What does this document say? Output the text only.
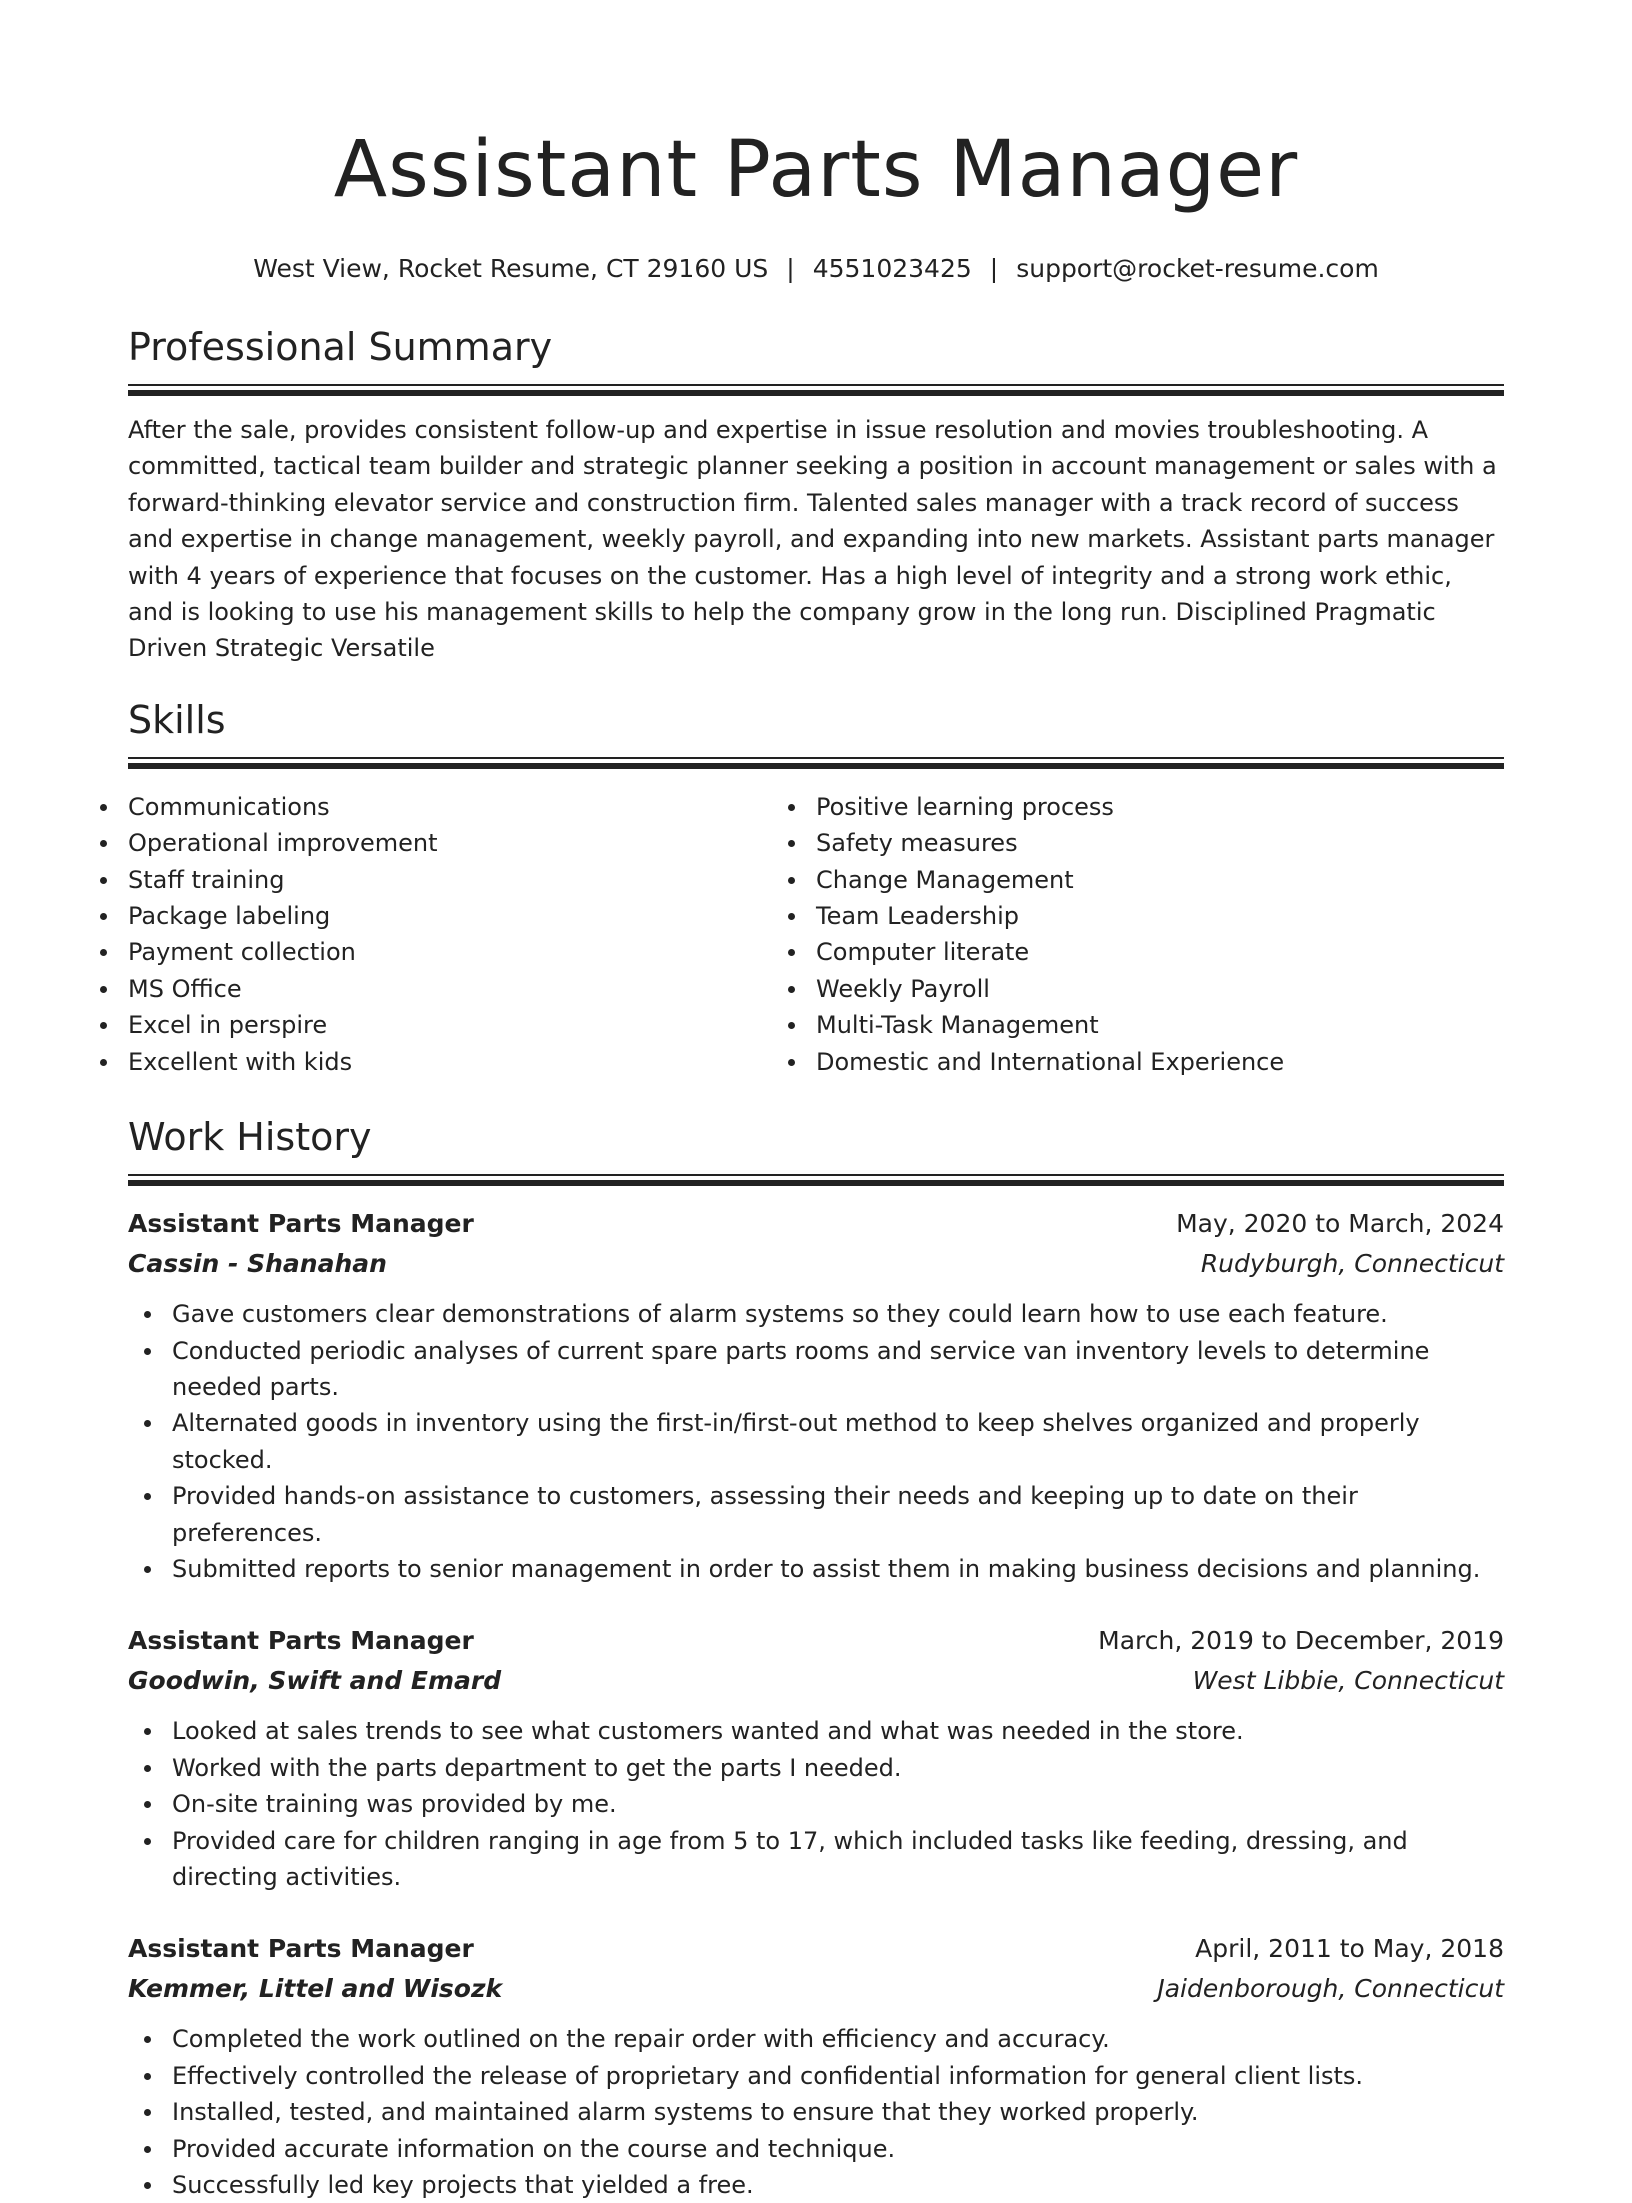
Assistant Parts Manager
West View, Rocket Resume, CT 29160 US | 4551023425 | support@rocket-resume.com
Professional Summary

After the sale, provides consistent follow-up and expertise in issue resolution and movies troubleshooting. A committed, tactical team builder and strategic planner seeking a position in account management or sales with a forward-thinking elevator service and construction firm. Talented sales manager with a track record of success and expertise in change management, weekly payroll, and expanding into new markets. Assistant parts manager with 4 years of experience that focuses on the customer. Has a high level of integrity and a strong work ethic, and is looking to use his management skills to help the company grow in the long run. Disciplined Pragmatic Driven Strategic Versatile

Skills
Communications
Operational improvement
Staff training
Package labeling
Payment collection
MS Office
Excel in perspire
Excellent with kids
Positive learning process
Safety measures
Change Management
Team Leadership
Computer literate
Weekly Payroll
Multi-Task Management
Domestic and International Experience
Work History
Assistant Parts Manager	May, 2020 to March, 2024
Cassin - Shanahan	Rudyburgh, Connecticut
Gave customers clear demonstrations of alarm systems so they could learn how to use each feature.
Conducted periodic analyses of current spare parts rooms and service van inventory levels to determine needed parts.
Alternated goods in inventory using the first-in/first-out method to keep shelves organized and properly stocked.
Provided hands-on assistance to customers, assessing their needs and keeping up to date on their preferences.
Submitted reports to senior management in order to assist them in making business decisions and planning.
Assistant Parts Manager	March, 2019 to December, 2019
Goodwin, Swift and Emard	West Libbie, Connecticut
Looked at sales trends to see what customers wanted and what was needed in the store.
Worked with the parts department to get the parts I needed.
On-site training was provided by me.
Provided care for children ranging in age from 5 to 17, which included tasks like feeding, dressing, and directing activities.
Assistant Parts Manager	April, 2011 to May, 2018
Kemmer, Littel and Wisozk	Jaidenborough, Connecticut
Completed the work outlined on the repair order with efficiency and accuracy.
Effectively controlled the release of proprietary and confidential information for general client lists.
Installed, tested, and maintained alarm systems to ensure that they worked properly.
Provided accurate information on the course and technique.
Successfully led key projects that yielded a free.
